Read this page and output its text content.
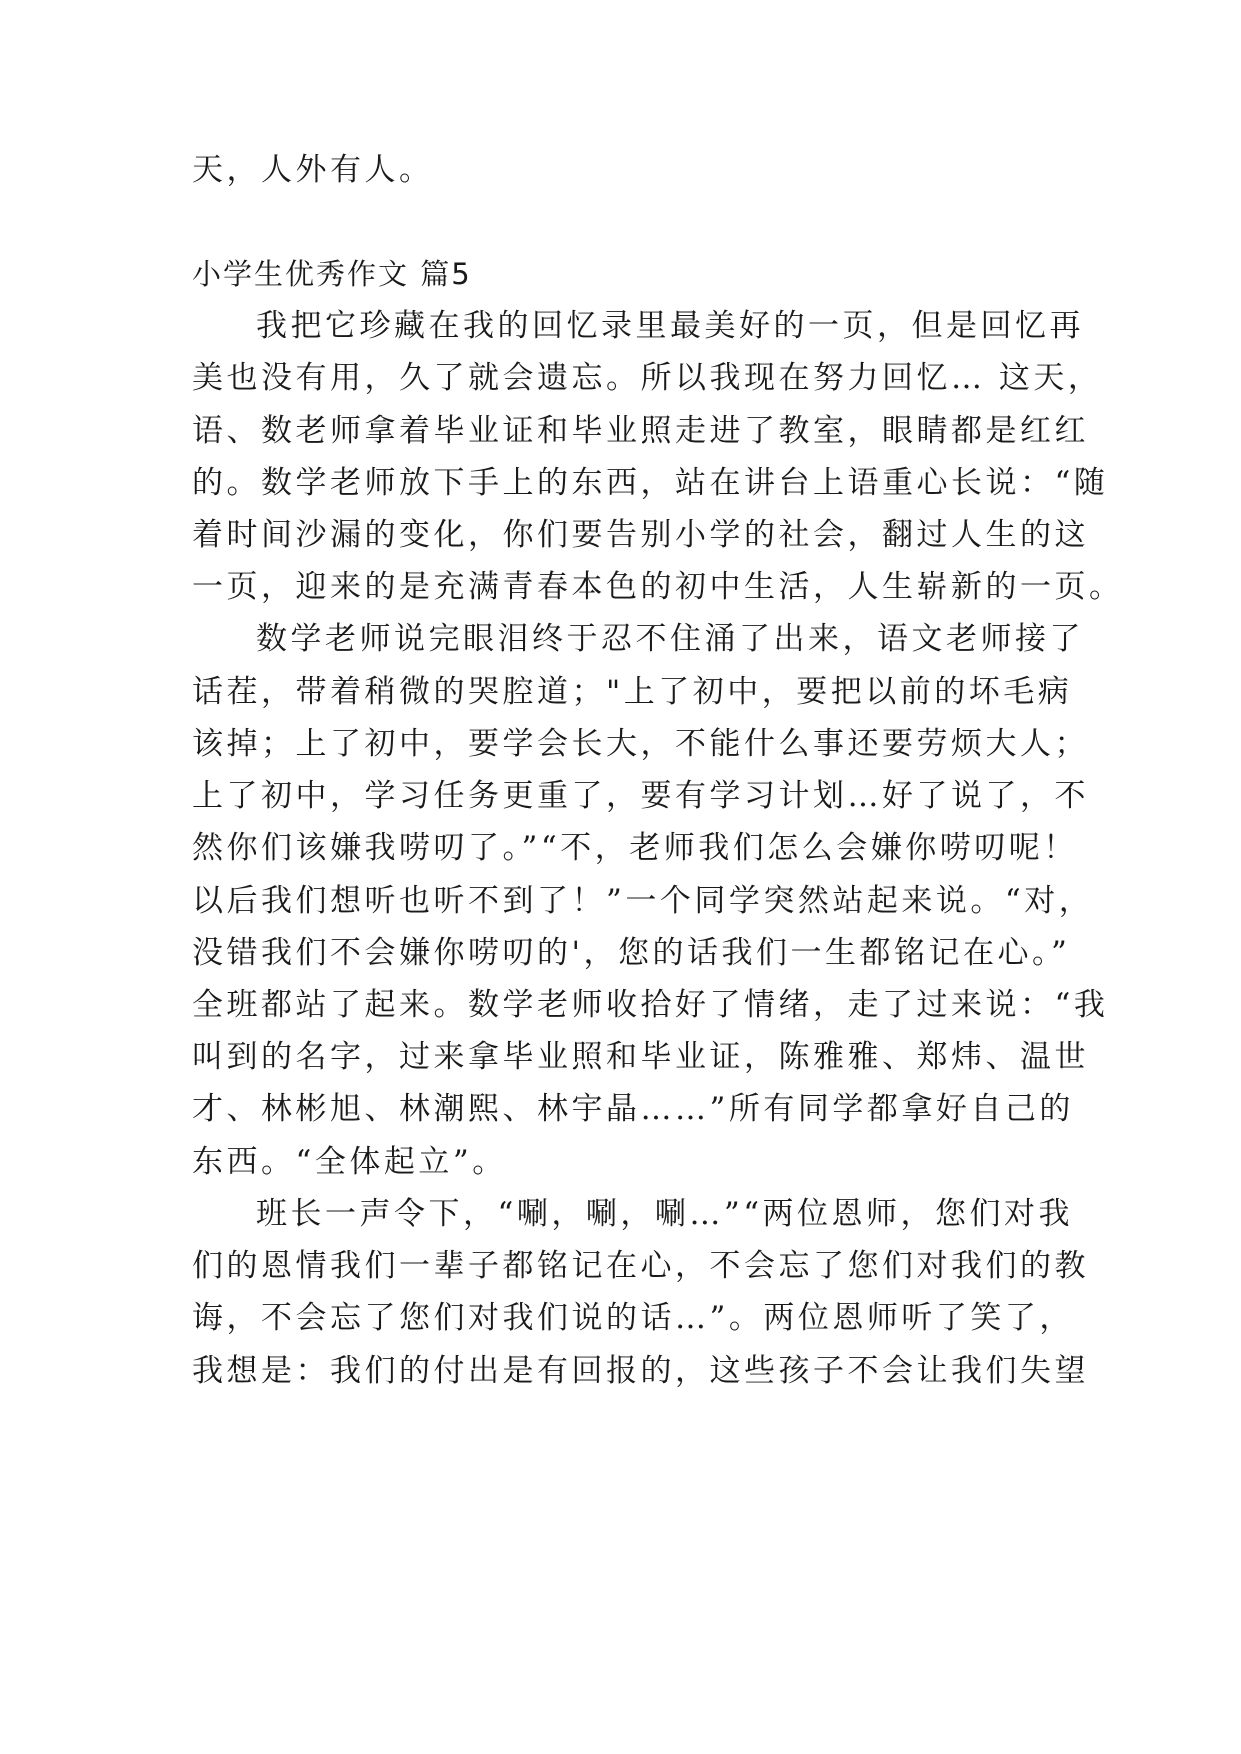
天，人外有人。
小学生优秀作文 篇5
我把它珍藏在我的回忆录里最美好的一页，但是回忆再
美也没有用，久了就会遗忘。所以我现在努力回忆… 这天，
语、数老师拿着毕业证和毕业照走进了教室，眼睛都是红红
的。数学老师放下手上的东西，站在讲台上语重心长说：“随
着时间沙漏的变化，你们要告别小学的社会，翻过人生的这
一页，迎来的是充满青春本色的初中生活，人生崭新的一页。
数学老师说完眼泪终于忍不住涌了出来，语文老师接了
话茬，带着稍微的哭腔道；"上了初中，要把以前的坏毛病
该掉；上了初中，要学会长大，不能什么事还要劳烦大人；
上了初中，学习任务更重了，要有学习计划…好了说了，不
然你们该嫌我唠叨了。”“不，老师我们怎么会嫌你唠叨呢！
以后我们想听也听不到了！”一个同学突然站起来说。“对，
没错我们不会嫌你唠叨的'，您的话我们一生都铭记在心。”
全班都站了起来。数学老师收拾好了情绪，走了过来说：“我
叫到的名字，过来拿毕业照和毕业证，陈雅雅、郑炜、温世
才、林彬旭、林潮熙、林宇晶……”所有同学都拿好自己的
东西。“全体起立”。
班长一声令下，“唰，唰，唰…”“两位恩师，您们对我
们的恩情我们一辈子都铭记在心，不会忘了您们对我们的教
诲，不会忘了您们对我们说的话…”。两位恩师听了笑了，
我想是：我们的付出是有回报的，这些孩子不会让我们失望
